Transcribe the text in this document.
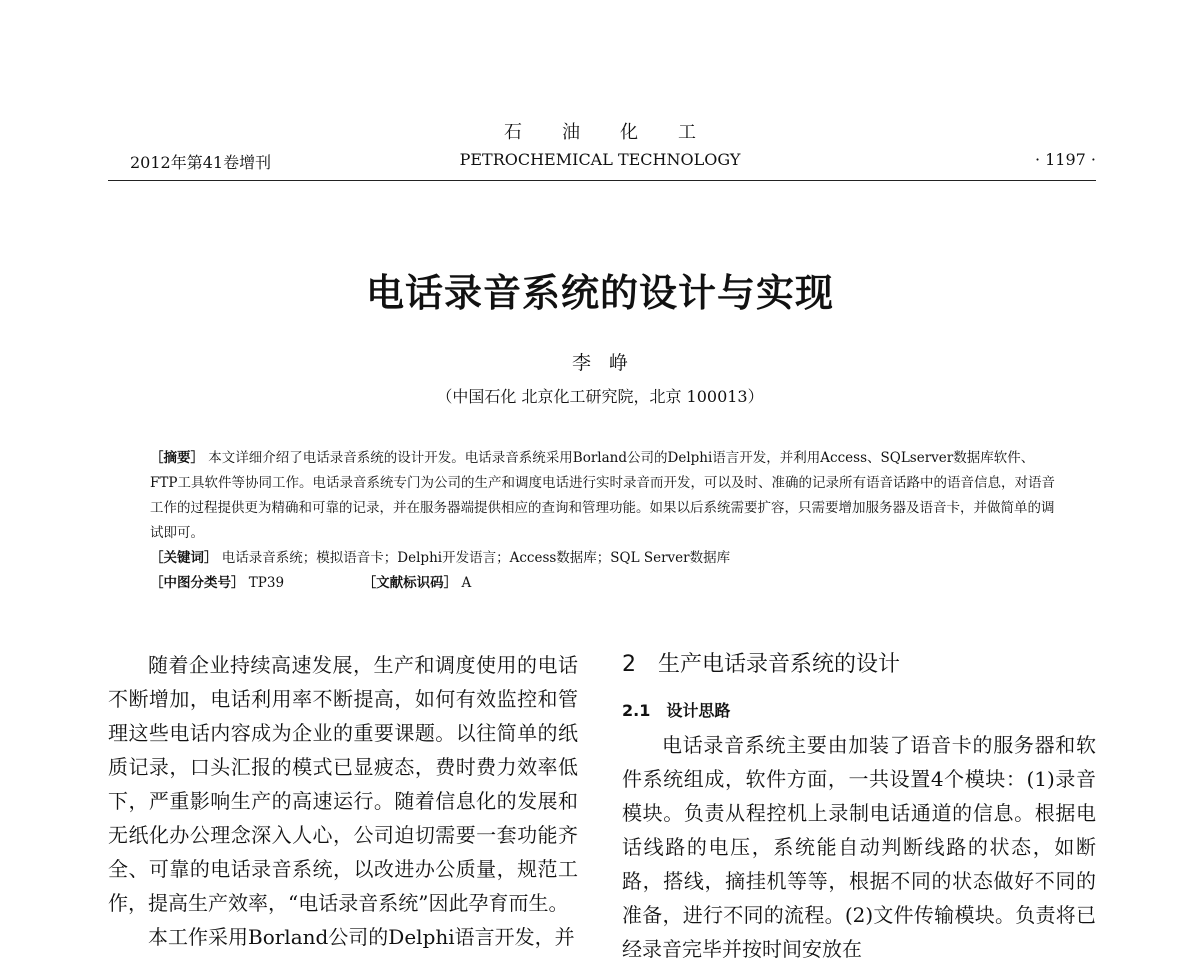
石油化工
2012年第41卷增刊	PETROCHEMICAL TECHNOLOGY	· 1197 ·
电话录音系统的设计与实现
李峥
（中国石化 北京化工研究院，北京 100013）

［摘要］ 本文详细介绍了电话录音系统的设计开发。电话录音系统采用Borland公司的Delphi语言开发，并利用Access、SQLserver数据库软件、FTP工具软件等协同工作。电话录音系统专门为公司的生产和调度电话进行实时录音而开发，可以及时、准确的记录所有语音话路中的语音信息，对语音工作的过程提供更为精确和可靠的记录，并在服务器端提供相应的查询和管理功能。如果以后系统需要扩容，只需要增加服务器及语音卡，并做简单的调试即可。

［关键词］ 电话录音系统；模拟语音卡；Delphi开发语言；Access数据库；SQL Server数据库

［中图分类号］ TP39	［文献标识码］ A

随着企业持续高速发展，生产和调度使用的电话不断增加，电话利用率不断提高，如何有效监控和管理这些电话内容成为企业的重要课题。以往简单的纸质记录，口头汇报的模式已显疲态，费时费力效率低下，严重影响生产的高速运行。随着信息化的发展和无纸化办公理念深入人心，公司迫切需要一套功能齐全、可靠的电话录音系统，以改进办公质量，规范工作，提高生产效率，“电话录音系统”因此孕育而生。

本工作采用Borland公司的Delphi语言开发，并

2　生产电话录音系统的设计
2.1 设计思路

电话录音系统主要由加装了语音卡的服务器和软件系统组成，软件方面，一共设置4个模块：(1)录音模块。负责从程控机上录制电话通道的信息。根据电话线路的电压，系统能自动判断线路的状态，如断路，搭线，摘挂机等等，根据不同的状态做好不同的准备，进行不同的流程。(2)文件传输模块。负责将已经录音完毕并按时间安放在
